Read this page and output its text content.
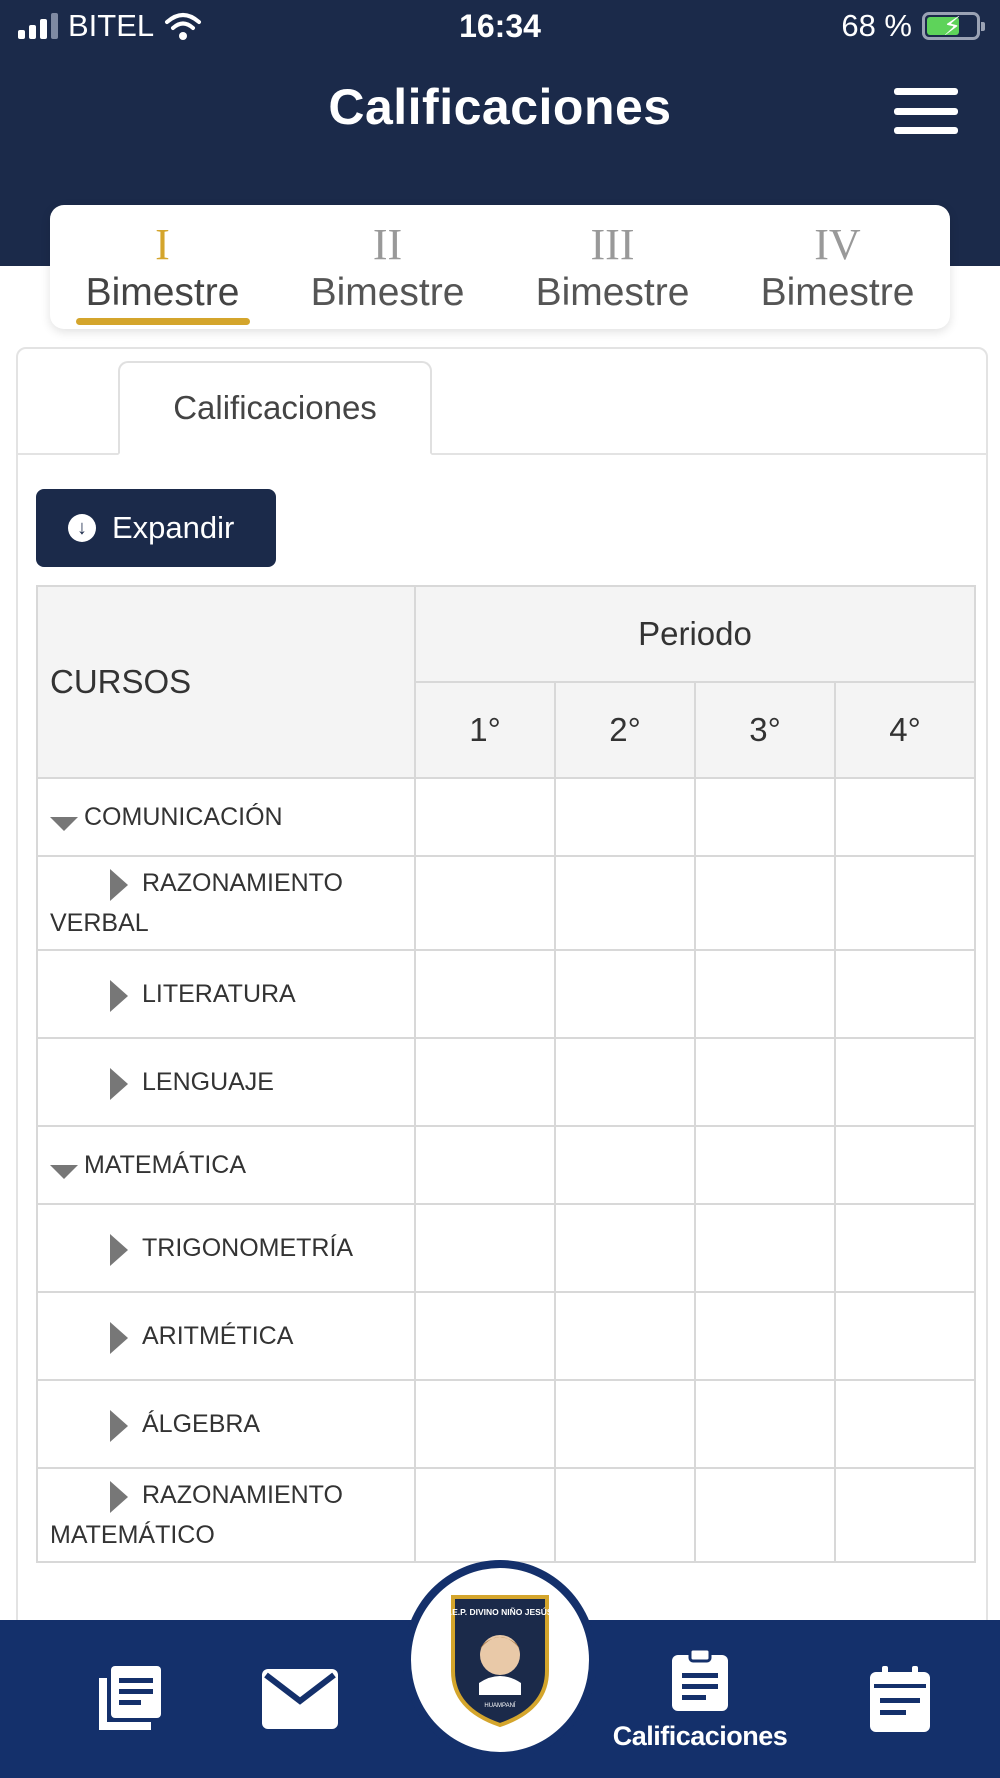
BITEL	16:34	68 % ⚡
Calificaciones
I
Bimestre
II
Bimestre
III
Bimestre
IV
Bimestre
Calificaciones
↓ Expandir
CURSOS	Periodo			
	1°	2°	3°	4°
COMUNICACIÓN				
RAZONAMIENTO VERBAL				
LITERATURA				
LENGUAJE				
MATEMÁTICA				
TRIGONOMETRÍA				
ARITMÉTICA				
ÁLGEBRA				
RAZONAMIENTO MATEMÁTICO				
Calificaciones
I.E.P. DIVINO NIÑO JESÚS
HUAMPANÍ
